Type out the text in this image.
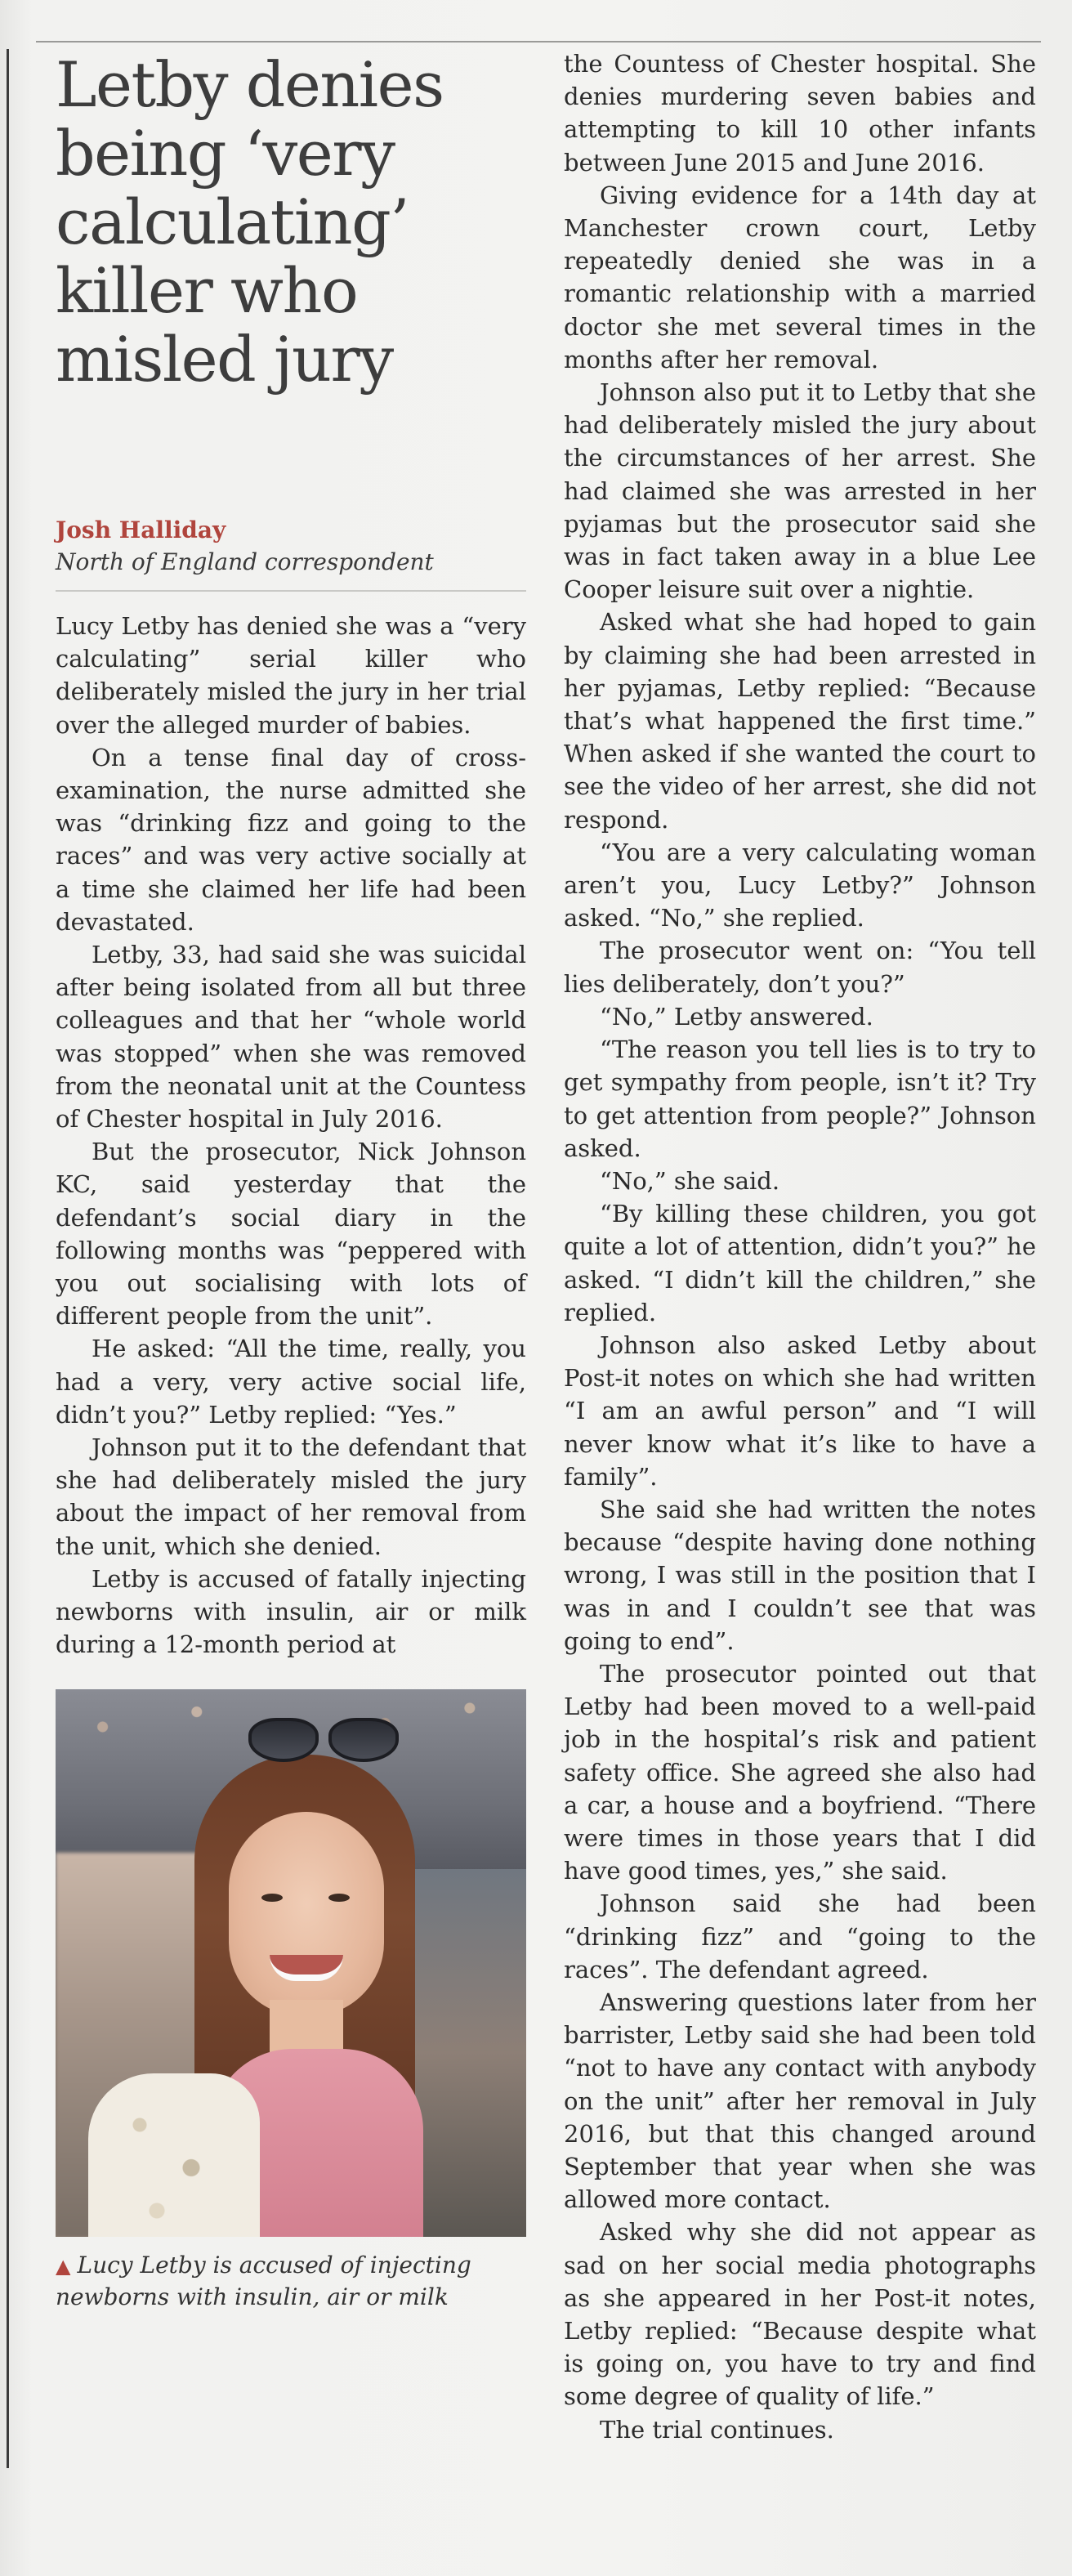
Letby denies being ‘very calculating’ killer who misled jury
Josh Halliday
North of England correspondent

Lucy Letby has denied she was a “very calculating” serial killer who deliberately misled the jury in her trial over the alleged murder of babies.

On a tense final day of cross-examination, the nurse admitted she was “drinking fizz and going to the races” and was very active socially at a time she claimed her life had been devastated.

Letby, 33, had said she was suicidal after being isolated from all but three colleagues and that her “whole world was stopped” when she was removed from the neonatal unit at the Countess of Chester hospital in July 2016.

But the prosecutor, Nick Johnson KC, said yesterday that the defendant’s social diary in the following months was “peppered with you out socialising with lots of different people from the unit”.

He asked: “All the time, really, you had a very, very active social life, didn’t you?” Letby replied: “Yes.”

Johnson put it to the defendant that she had deliberately misled the jury about the impact of her removal from the unit, which she denied.

Letby is accused of fatally injecting newborns with insulin, air or milk during a 12-month period at

▲ Lucy Letby is accused of injecting newborns with insulin, air or milk

the Countess of Chester hospital. She denies murdering seven babies and attempting to kill 10 other infants between June 2015 and June 2016.

Giving evidence for a 14th day at Manchester crown court, Letby repeatedly denied she was in a romantic relationship with a married doctor she met several times in the months after her removal.

Johnson also put it to Letby that she had deliberately misled the jury about the circumstances of her arrest. She had claimed she was arrested in her pyjamas but the prosecutor said she was in fact taken away in a blue Lee Cooper leisure suit over a nightie.

Asked what she had hoped to gain by claiming she had been arrested in her pyjamas, Letby replied: “Because that’s what happened the first time.” When asked if she wanted the court to see the video of her arrest, she did not respond.

“You are a very calculating woman aren’t you, Lucy Letby?” Johnson asked. “No,” she replied.

The prosecutor went on: “You tell lies deliberately, don’t you?”

“No,” Letby answered.

“The reason you tell lies is to try to get sympathy from people, isn’t it? Try to get attention from people?” Johnson asked.

“No,” she said.

“By killing these children, you got quite a lot of attention, didn’t you?” he asked. “I didn’t kill the children,” she replied.

Johnson also asked Letby about Post-it notes on which she had written “I am an awful person” and “I will never know what it’s like to have a family”.

She said she had written the notes because “despite having done nothing wrong, I was still in the position that I was in and I couldn’t see that was going to end”.

The prosecutor pointed out that Letby had been moved to a well-paid job in the hospital’s risk and patient safety office. She agreed she also had a car, a house and a boyfriend. “There were times in those years that I did have good times, yes,” she said.

Johnson said she had been “drinking fizz” and “going to the races”. The defendant agreed.

Answering questions later from her barrister, Letby said she had been told “not to have any contact with anybody on the unit” after her removal in July 2016, but that this changed around September that year when she was allowed more contact.

Asked why she did not appear as sad on her social media photographs as she appeared in her Post-it notes, Letby replied: “Because despite what is going on, you have to try and find some degree of quality of life.”

The trial continues.
